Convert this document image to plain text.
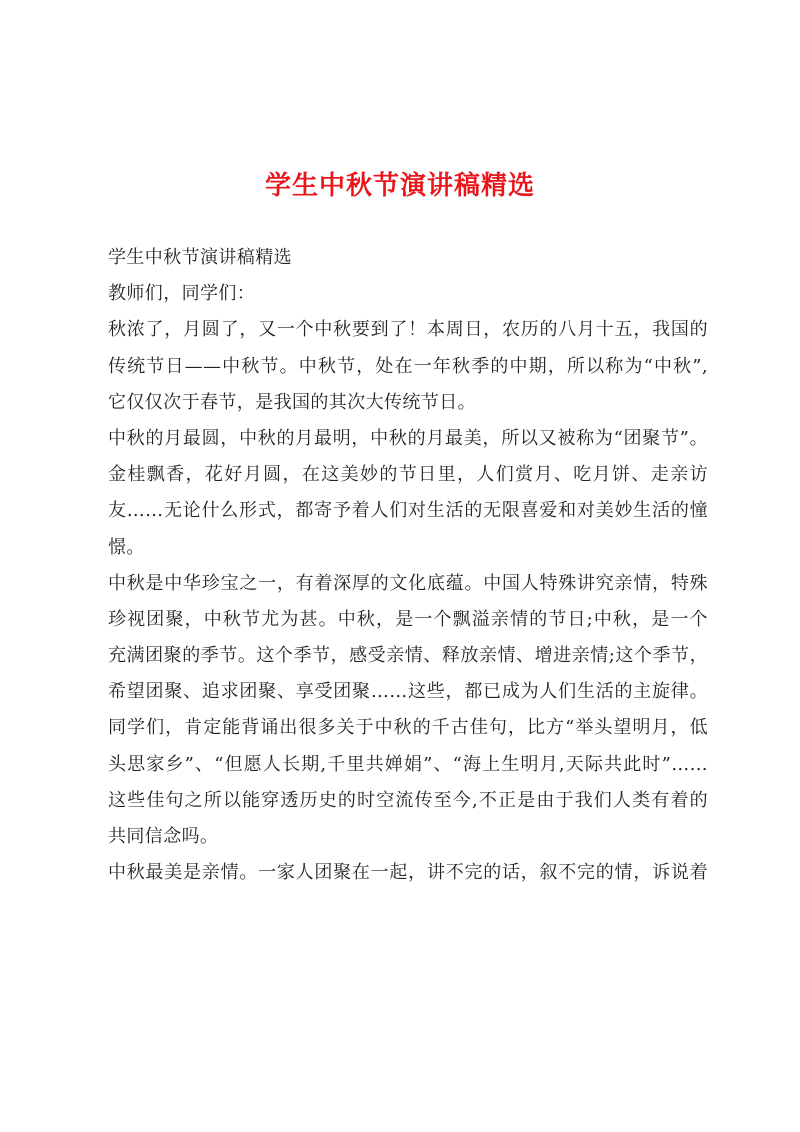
学生中秋节演讲稿精选
学生中秋节演讲稿精选
教师们，同学们：
秋浓了，月圆了，又一个中秋要到了！本周日，农历的八月十五，我国的
传统节日——中秋节。中秋节，处在一年秋季的中期，所以称为“中秋”,
它仅仅次于春节，是我国的其次大传统节日。
中秋的月最圆，中秋的月最明，中秋的月最美，所以又被称为“团聚节”。
金桂飘香，花好月圆，在这美妙的节日里，人们赏月、吃月饼、走亲访
友……无论什么形式，都寄予着人们对生活的无限喜爱和对美妙生活的憧
憬。
中秋是中华珍宝之一，有着深厚的文化底蕴。中国人特殊讲究亲情，特殊
珍视团聚，中秋节尤为甚。中秋，是一个飘溢亲情的节日;中秋，是一个
充满团聚的季节。这个季节，感受亲情、释放亲情、增进亲情;这个季节，
希望团聚、追求团聚、享受团聚……这些，都已成为人们生活的主旋律。
同学们，肯定能背诵出很多关于中秋的千古佳句，比方“举头望明月，低
头思家乡”、“但愿人长期,千里共婵娟”、“海上生明月,天际共此时”……
这些佳句之所以能穿透历史的时空流传至今,不正是由于我们人类有着的
共同信念吗。
中秋最美是亲情。一家人团聚在一起，讲不完的话，叙不完的情，诉说着
